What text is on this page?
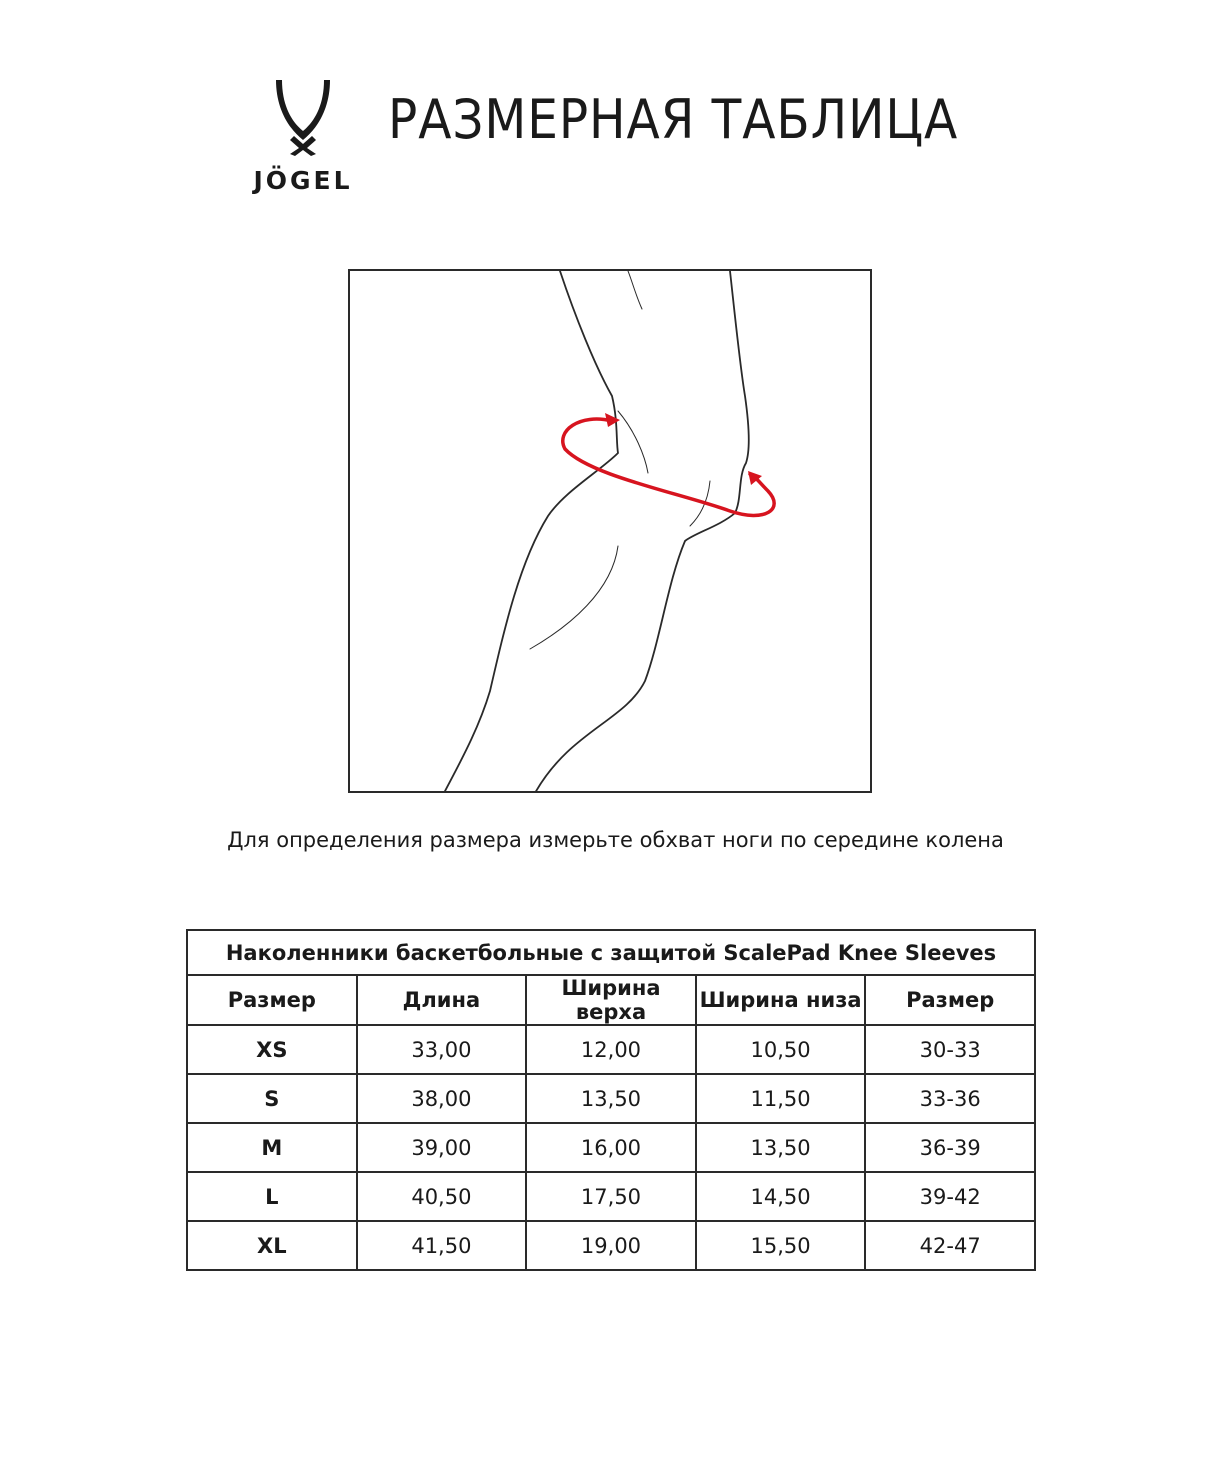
JÖGEL
РАЗМЕРНАЯ ТАБЛИЦА
Для определения размера измерьте обхват ноги по середине колена
Наколенники баскетбольные с защитой ScalePad Knee Sleeves				
Размер	Длина	Ширина верха	Ширина низа	Размер
XS	33,00	12,00	10,50	30-33
S	38,00	13,50	11,50	33-36
M	39,00	16,00	13,50	36-39
L	40,50	17,50	14,50	39-42
XL	41,50	19,00	15,50	42-47
